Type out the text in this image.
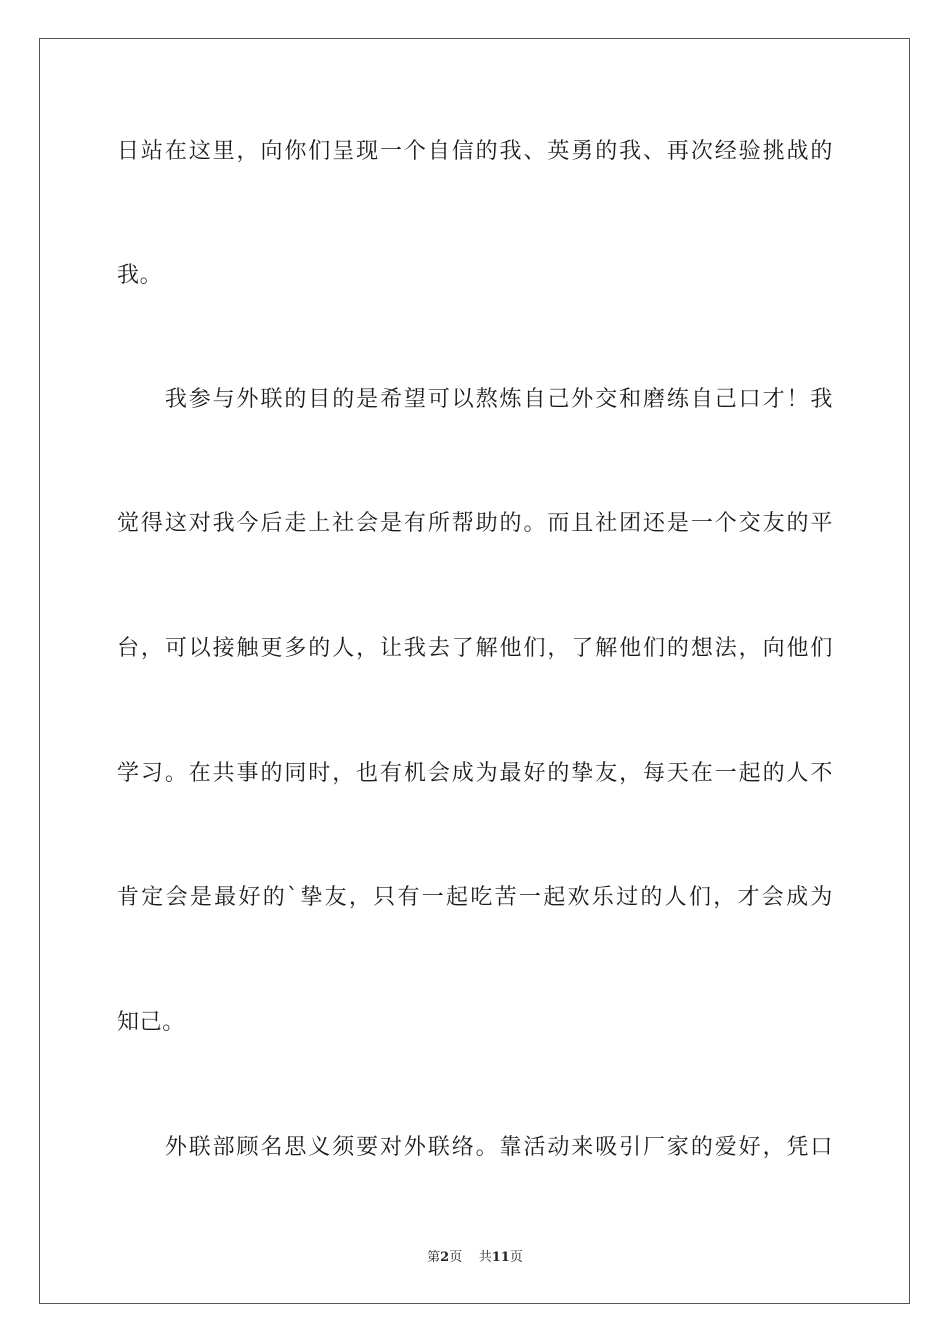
日站在这里，向你们呈现一个自信的我、英勇的我、再次经验挑战的
我。
　　我参与外联的目的是希望可以熬炼自己外交和磨练自己口才！我
觉得这对我今后走上社会是有所帮助的。而且社团还是一个交友的平
台，可以接触更多的人，让我去了解他们，了解他们的想法，向他们
学习。在共事的同时，也有机会成为最好的挚友，每天在一起的人不
肯定会是最好的`挚友，只有一起吃苦一起欢乐过的人们，才会成为
知己。
　　外联部顾名思义须要对外联络。靠活动来吸引厂家的爱好，凭口
第2页 共11页
